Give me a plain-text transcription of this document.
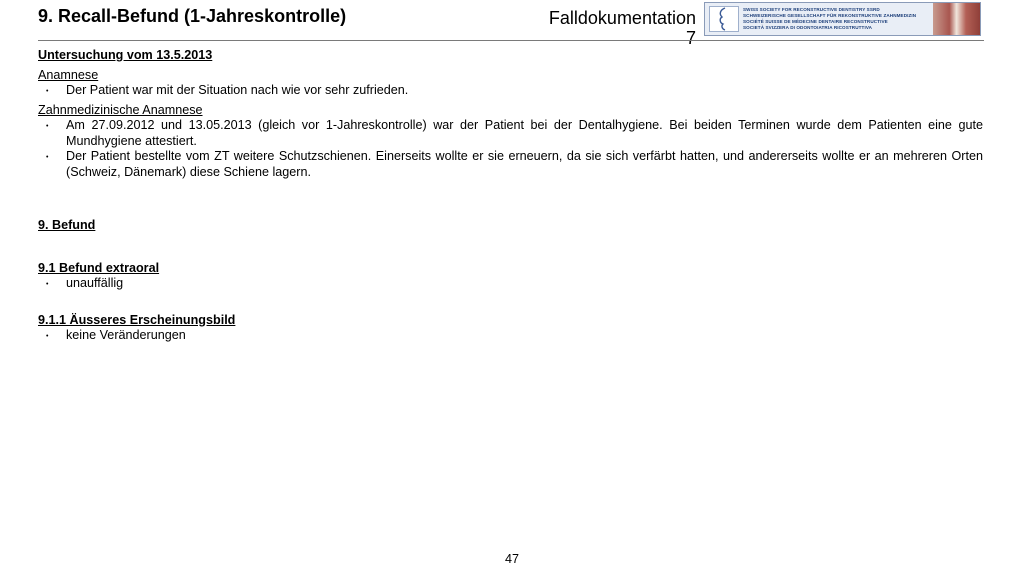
9. Recall-Befund (1-Jahreskontrolle)	Falldokumentation
7
SWISS SOCIETY FOR RECONSTRUCTIVE DENTISTRY SSRD
SCHWEIZERISCHE GESELLSCHAFT FÜR REKONSTRUKTIVE ZAHNMEDIZIN
SOCIÉTÉ SUISSE DE MÉDECINE DENTAIRE RECONSTRUCTIVE
SOCIETÀ SVIZZERA DI ODONTOIATRIA RICOSTRUTTIVA

Untersuchung vom 13.5.2013

Anamnese

• Der Patient war mit der Situation nach wie vor sehr zufrieden.

Zahnmedizinische Anamnese

• Am 27.09.2012 und 13.05.2013 (gleich vor 1-Jahreskontrolle) war der Patient bei der Dentalhygiene. Bei beiden Terminen wurde dem Patienten eine gute Mundhygiene attestiert.
• Der Patient bestellte vom ZT weitere Schutzschienen. Einerseits wollte er sie erneuern, da sie sich verfärbt hatten, und andererseits wollte er an mehreren Orten (Schweiz, Dänemark) diese Schiene lagern.

9. Befund

9.1 Befund extraoral

• unauffällig

9.1.1 Äusseres Erscheinungsbild

• keine Veränderungen
47
